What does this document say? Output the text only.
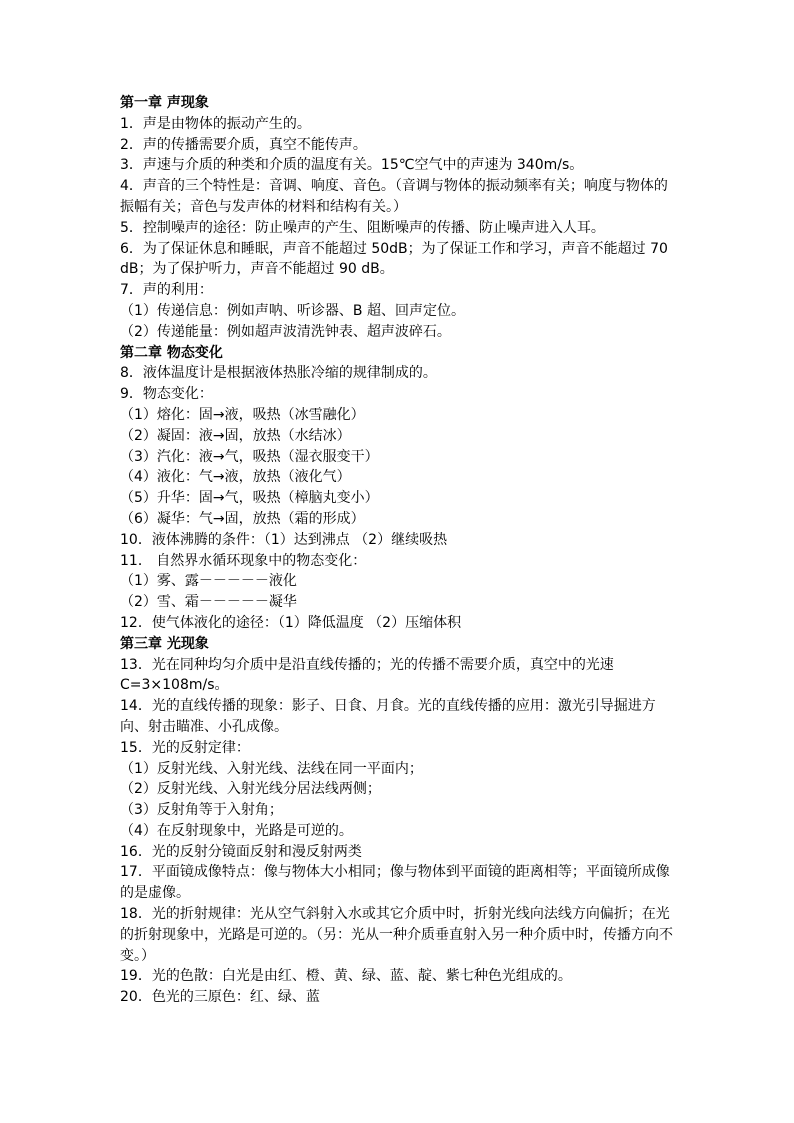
第一章 声现象
1．声是由物体的振动产生的。
2．声的传播需要介质，真空不能传声。
3．声速与介质的种类和介质的温度有关。15℃空气中的声速为 340m/s。
4．声音的三个特性是：音调、响度、音色。（音调与物体的振动频率有关；响度与物体的振幅有关；音色与发声体的材料和结构有关。）
5．控制噪声的途径：防止噪声的产生、阻断噪声的传播、防止噪声进入人耳。
6．为了保证休息和睡眠，声音不能超过 50dB；为了保证工作和学习，声音不能超过 70 dB；为了保护听力，声音不能超过 90 dB。
7．声的利用：
（1）传递信息：例如声呐、听诊器、B 超、回声定位。
（2）传递能量：例如超声波清洗钟表、超声波碎石。
第二章 物态变化
8．液体温度计是根据液体热胀冷缩的规律制成的。
9．物态变化：
（1）熔化：固→液，吸热（冰雪融化）
（2）凝固：液→固，放热（水结冰）
（3）汽化：液→气，吸热（湿衣服变干）
（4）液化：气→液，放热（液化气）
（5）升华：固→气，吸热（樟脑丸变小）
（6）凝华：气→固，放热（霜的形成）
10．液体沸腾的条件：（1）达到沸点 （2）继续吸热
11． 自然界水循环现象中的物态变化：
（1）雾、露－－－－－液化
（2）雪、霜－－－－－凝华
12．使气体液化的途径：（1）降低温度 （2）压缩体积
第三章 光现象
13．光在同种均匀介质中是沿直线传播的；光的传播不需要介质，真空中的光速C=3×108m/s。
14．光的直线传播的现象：影子、日食、月食。光的直线传播的应用：激光引导掘进方向、射击瞄准、小孔成像。
15．光的反射定律：
（1）反射光线、入射光线、法线在同一平面内；
（2）反射光线、入射光线分居法线两侧；
（3）反射角等于入射角；
（4）在反射现象中，光路是可逆的。
16．光的反射分镜面反射和漫反射两类
17．平面镜成像特点：像与物体大小相同；像与物体到平面镜的距离相等；平面镜所成像的是虚像。
18．光的折射规律：光从空气斜射入水或其它介质中时，折射光线向法线方向偏折；在光的折射现象中，光路是可逆的。（另：光从一种介质垂直射入另一种介质中时，传播方向不变。）
19．光的色散：白光是由红、橙、黄、绿、蓝、靛、紫七种色光组成的。
20．色光的三原色：红、绿、蓝
